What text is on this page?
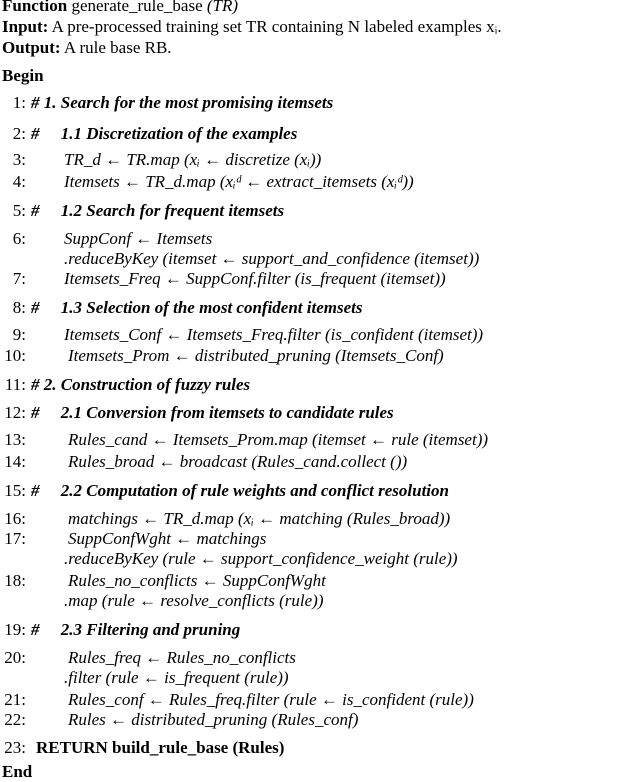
Function generate_rule_base (TR)
Input: A pre-processed training set TR containing N labeled examples xᵢ.
Output: A rule base RB.
Begin
1: # 1. Search for the most promising itemsets
2: #     1.1 Discretization of the examples
3: TR_d ← TR.map (xᵢ ← discretize (xᵢ))
4: Itemsets ← TR_d.map (xᵢᵈ ← extract_itemsets (xᵢᵈ))
5: #     1.2 Search for frequent itemsets
6: SuppConf ← Itemsets
.reduceByKey (itemset ← support_and_confidence (itemset))
7: Itemsets_Freq ← SuppConf.filter (is_frequent (itemset))
8: #     1.3 Selection of the most confident itemsets
9: Itemsets_Conf ← Itemsets_Freq.filter (is_confident (itemset))
10: Itemsets_Prom ← distributed_pruning (Itemsets_Conf)
11: # 2. Construction of fuzzy rules
12: #     2.1 Conversion from itemsets to candidate rules
13: Rules_cand ← Itemsets_Prom.map (itemset ← rule (itemset))
14: Rules_broad ← broadcast (Rules_cand.collect ())
15: #     2.2 Computation of rule weights and conflict resolution
16: matchings ← TR_d.map (xᵢ ← matching (Rules_broad))
17: SuppConfWght ← matchings
.reduceByKey (rule ← support_confidence_weight (rule))
18: Rules_no_conflicts ← SuppConfWght
.map (rule ← resolve_conflicts (rule))
19: #     2.3 Filtering and pruning
20: Rules_freq ← Rules_no_conflicts
.filter (rule ← is_frequent (rule))
21: Rules_conf ← Rules_freq.filter (rule ← is_confident (rule))
22: Rules ← distributed_pruning (Rules_conf)
23: RETURN build_rule_base (Rules)
End
